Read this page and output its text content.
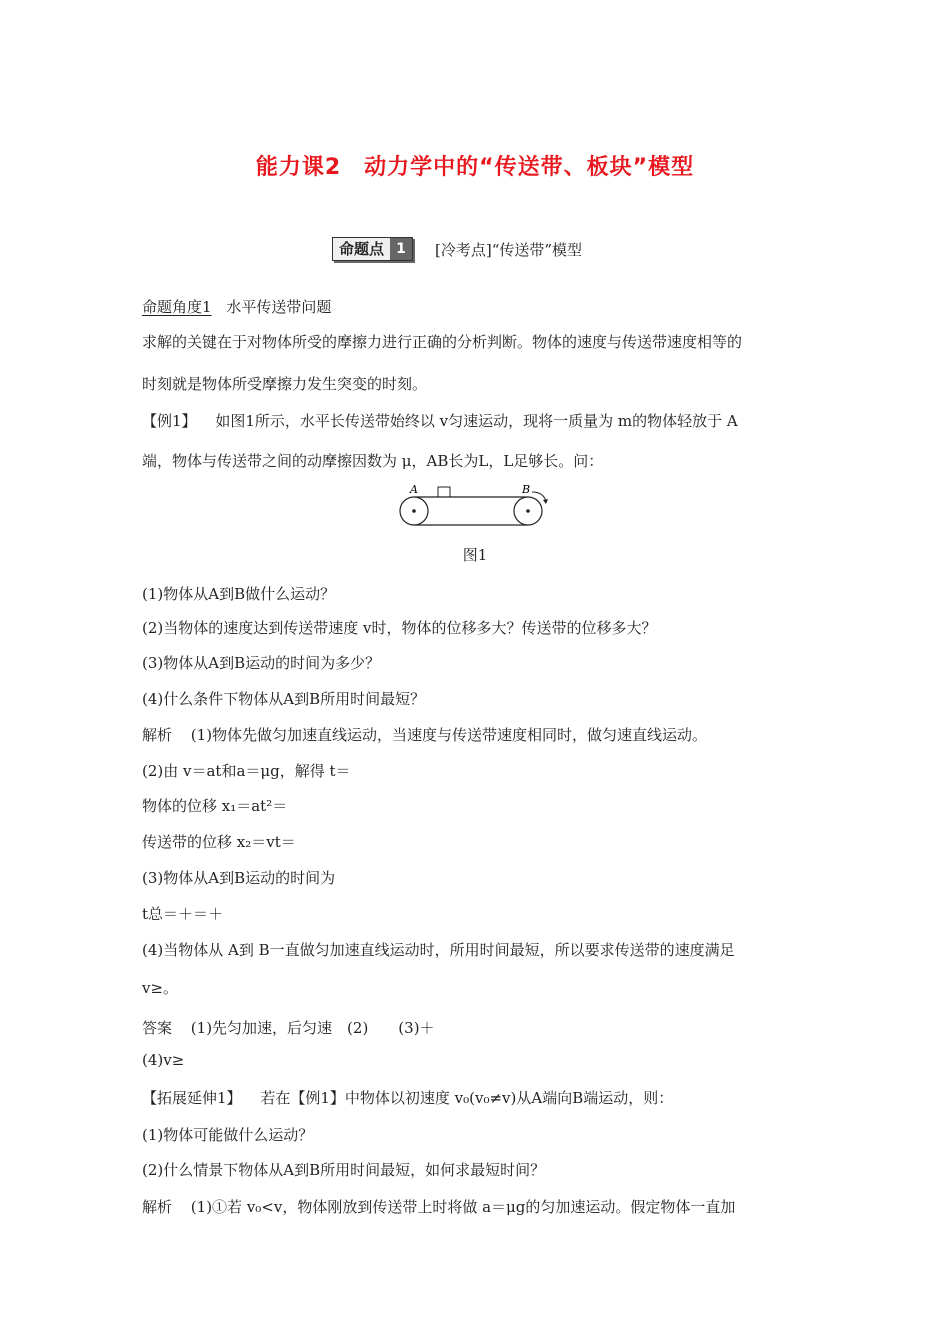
能力课2　动力学中的“传送带、板块”模型
命题点 1	[冷考点]“传送带”模型
命题角度1 水平传送带问题
求解的关键在于对物体所受的摩擦力进行正确的分析判断。物体的速度与传送带速度相等的
时刻就是物体所受摩擦力发生突变的时刻。
【例1】 如图1所示，水平长传送带始终以 v匀速运动，现将一质量为 m的物体轻放于 A
端，物体与传送带之间的动摩擦因数为 μ，AB长为L，L足够长。问：
A	B
图1
(1)物体从A到B做什么运动？
(2)当物体的速度达到传送带速度 v时，物体的位移多大？传送带的位移多大？
(3)物体从A到B运动的时间为多少？
(4)什么条件下物体从A到B所用时间最短？
解析 (1)物体先做匀加速直线运动，当速度与传送带速度相同时，做匀速直线运动。
(2)由 v＝at和a＝μg，解得 t＝
物体的位移 x₁＝at²＝
传送带的位移 x₂＝vt＝
(3)物体从A到B运动的时间为
t总＝＋＝＋
(4)当物体从 A到 B一直做匀加速直线运动时，所用时间最短，所以要求传送带的速度满足
v≥。
答案 (1)先匀加速，后匀速　(2)　　(3)＋
(4)v≥
【拓展延伸1】 若在【例1】中物体以初速度 v₀(v₀≠v)从A端向B端运动，则：
(1)物体可能做什么运动？
(2)什么情景下物体从A到B所用时间最短，如何求最短时间？
解析 (1)①若 v₀<v，物体刚放到传送带上时将做 a＝μg的匀加速运动。假定物体一直加
